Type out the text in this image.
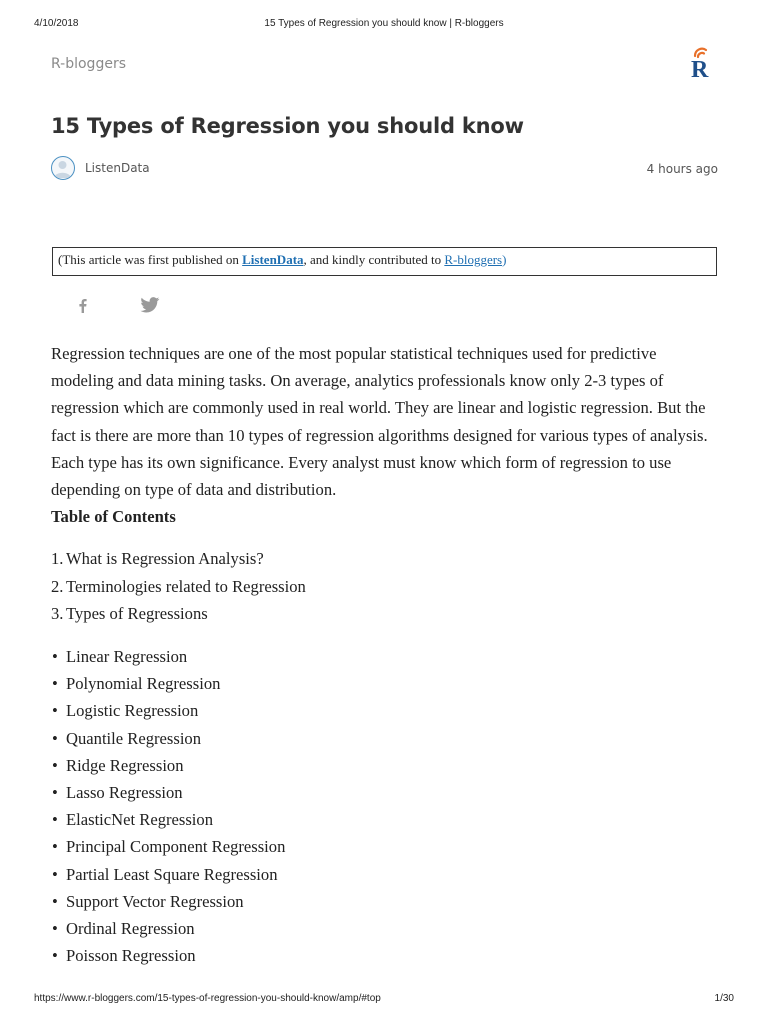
4/10/2018	15 Types of Regression you should know | R-bloggers
R-bloggers	R
15 Types of Regression you should know
ListenData	4 hours ago
(This article was first published on ListenData, and kindly contributed to R-bloggers)

Regression techniques are one of the most popular statistical techniques used for predictive modeling and data mining tasks. On average, analytics professionals know only 2-3 types of regression which are commonly used in real world. They are linear and logistic regression. But the fact is there are more than 10 types of regression algorithms designed for various types of analysis. Each type has its own significance. Every analyst must know which form of regression to use depending on type of data and distribution.

Table of Contents

1. What is Regression Analysis?
2. Terminologies related to Regression
3. Types of Regressions
• Linear Regression
• Polynomial Regression
• Logistic Regression
• Quantile Regression
• Ridge Regression
• Lasso Regression
• ElasticNet Regression
• Principal Component Regression
• Partial Least Square Regression
• Support Vector Regression
• Ordinal Regression
• Poisson Regression
https://www.r-bloggers.com/15-types-of-regression-you-should-know/amp/#top	1/30
